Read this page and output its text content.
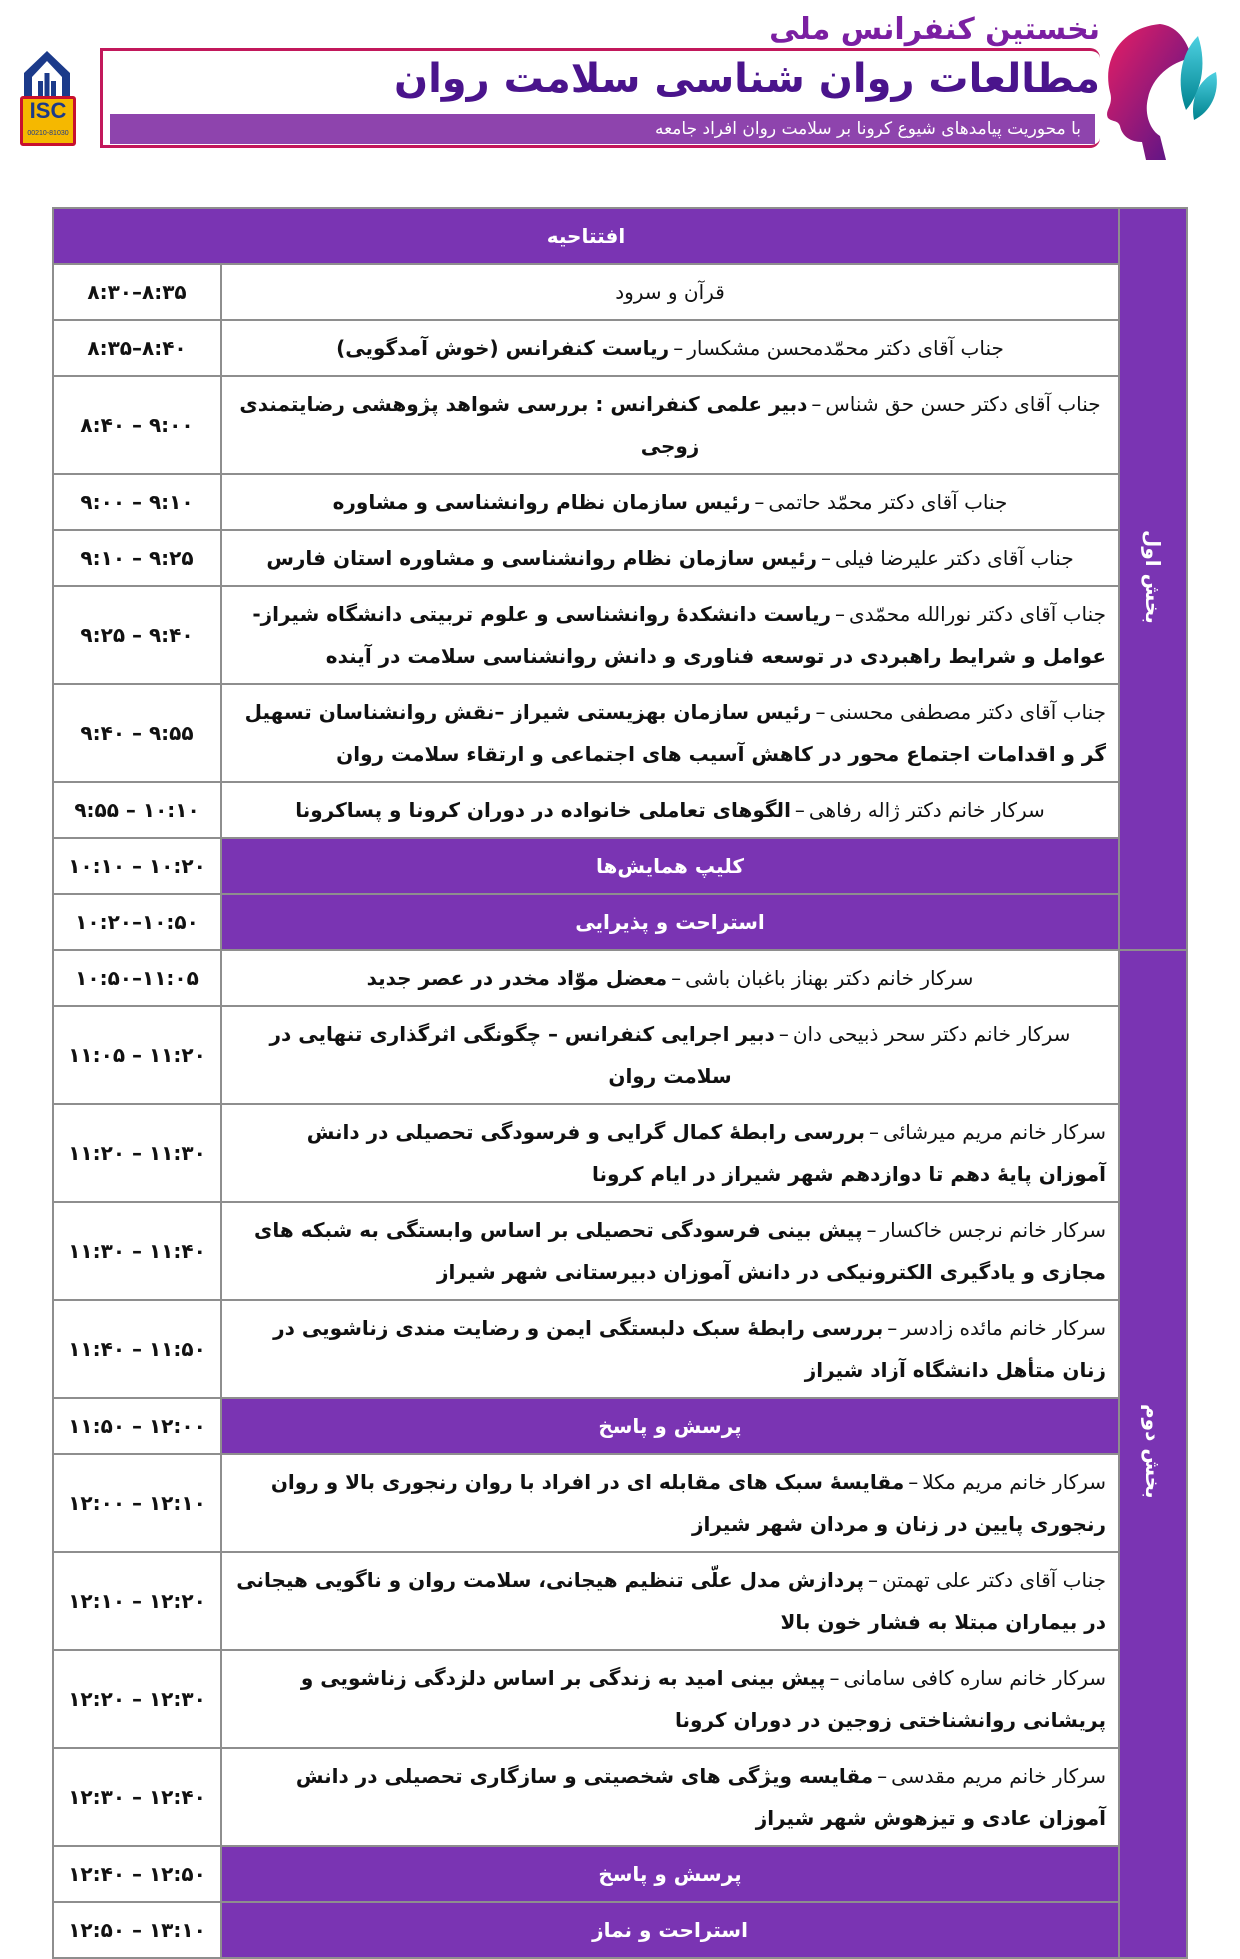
ISC
00210-81030
نخستین کنفرانس ملی
مطالعات روان شناسی سلامت روان
با محوریت پیامدهای شیوع کرونا بر سلامت روان افراد جامعه
بخش اول	افتتاحیه	
	قرآن و سرود	۸:۳۰–۸:۳۵
	جناب آقای دکتر محمّدمحسن مشکسار–ریاست کنفرانس (خوش آمدگویی)	۸:۳۵–۸:۴۰
	جناب آقای دکتر حسن حق شناس–دبیر علمی کنفرانس : بررسی شواهد پژوهشی رضایتمندی زوجی	۸:۴۰ – ۹:۰۰
	جناب آقای دکتر محمّد حاتمی–رئیس سازمان نظام روانشناسی و مشاوره	۹:۰۰ – ۹:۱۰
	جناب آقای دکتر علیرضا فیلی–رئیس سازمان نظام روانشناسی و مشاوره استان فارس	۹:۱۰ – ۹:۲۵
	جناب آقای دکتر نورالله محمّدی–ریاست دانشکدۀ روانشناسی و علوم تربیتی دانشگاه شیراز- عوامل و شرایط راهبردی در توسعه فناوری و دانش روانشناسی سلامت در آینده	۹:۲۵ – ۹:۴۰
	جناب آقای دکتر مصطفی محسنی–رئیس سازمان بهزیستی شیراز –نقش روانشناسان تسهیل گر و اقدامات اجتماع محور در کاهش آسیب های اجتماعی و ارتقاء سلامت روان	۹:۴۰ – ۹:۵۵
	سرکار خانم دکتر ژاله رفاهی–الگوهای تعاملی خانواده در دوران کرونا و پساکرونا	۹:۵۵ – ۱۰:۱۰
	کلیپ همایش‌ها	۱۰:۱۰ – ۱۰:۲۰
	استراحت و پذیرایی	۱۰:۲۰–۱۰:۵۰
بخش دوم	سرکار خانم دکتر بهناز باغبان باشی–معضل موّاد مخدر در عصر جدید	۱۰:۵۰–۱۱:۰۵
	سرکار خانم دکتر سحر ذبیحی دان–دبیر اجرایی کنفرانس – چگونگی اثرگذاری تنهایی در سلامت روان	۱۱:۰۵ – ۱۱:۲۰
	سرکار خانم مریم میرشائی–بررسی رابطۀ کمال گرایی و فرسودگی تحصیلی در دانش آموزان پایۀ دهم تا دوازدهم شهر شیراز در ایام کرونا	۱۱:۲۰ – ۱۱:۳۰
	سرکار خانم نرجس خاکسار–پیش بینی فرسودگی تحصیلی بر اساس وابستگی به شبکه های مجازی و یادگیری الکترونیکی در دانش آموزان دبیرستانی شهر شیراز	۱۱:۳۰ – ۱۱:۴۰
	سرکار خانم مائده زادسر–بررسی رابطۀ سبک دلبستگی ایمن و رضایت مندی زناشویی در زنان متأهل دانشگاه آزاد شیراز	۱۱:۴۰ – ۱۱:۵۰
	پرسش و پاسخ	۱۱:۵۰ – ۱۲:۰۰
	سرکار خانم مریم مکلا–مقایسۀ سبک های مقابله ای در افراد با روان رنجوری بالا و روان رنجوری پایین در زنان و مردان شهر شیراز	۱۲:۰۰ – ۱۲:۱۰
	جناب آقای دکتر علی تهمتن–پردازش مدل علّی تنظیم هیجانی، سلامت روان و ناگویی هیجانی در بیماران مبتلا به فشار خون بالا	۱۲:۱۰ – ۱۲:۲۰
	سرکار خانم ساره کافی سامانی–پیش بینی امید به زندگی بر اساس دلزدگی زناشویی و پریشانی روانشناختی زوجین در دوران کرونا	۱۲:۲۰ – ۱۲:۳۰
	سرکار خانم مریم مقدسی–مقایسه ویژگی های شخصیتی و سازگاری تحصیلی در دانش آموزان عادی و تیزهوش شهر شیراز	۱۲:۳۰ – ۱۲:۴۰
	پرسش و پاسخ	۱۲:۴۰ – ۱۲:۵۰
	استراحت و نماز	۱۲:۵۰ – ۱۳:۱۰
